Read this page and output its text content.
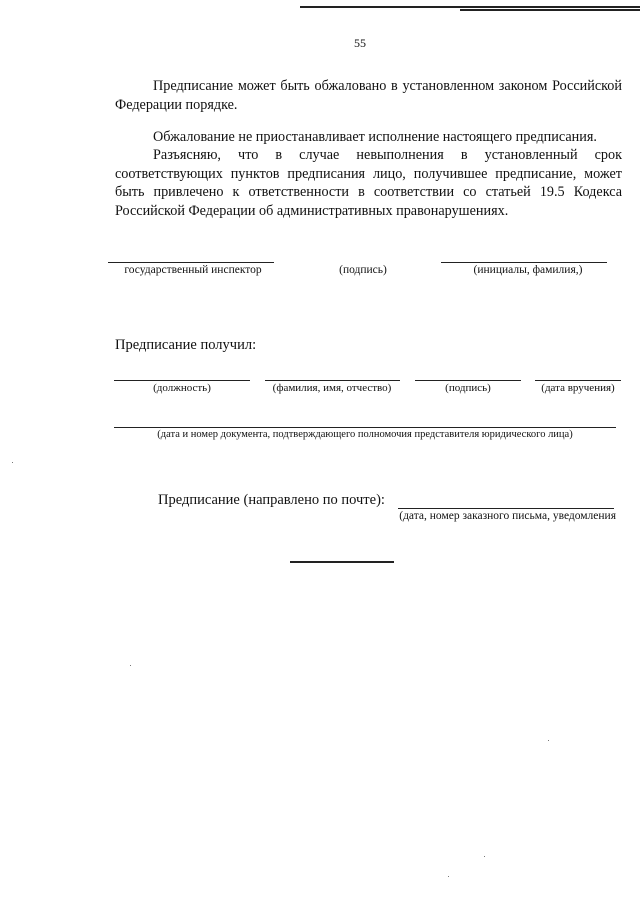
55
Предписание может быть обжаловано в установленном законом Российской Федерации порядке.
Обжалование не приостанавливает исполнение настоящего предписания.
Разъясняю, что в случае невыполнения в установленный срок соответствующих пунктов предписания лицо, получившее предписание, может быть привлечено к ответственности в соответствии со статьей 19.5 Кодекса Российской Федерации об административных правонарушениях.
государственный инспектор	(подпись)	(инициалы, фамилия,)
Предписание получил:
(должность)	(фамилия, имя, отчество)	(подпись)	(дата вручения)
(дата и номер документа, подтверждающего полномочия представителя юридического лица)
Предписание (направлено по почте):
(дата, номер заказного письма, уведомления
